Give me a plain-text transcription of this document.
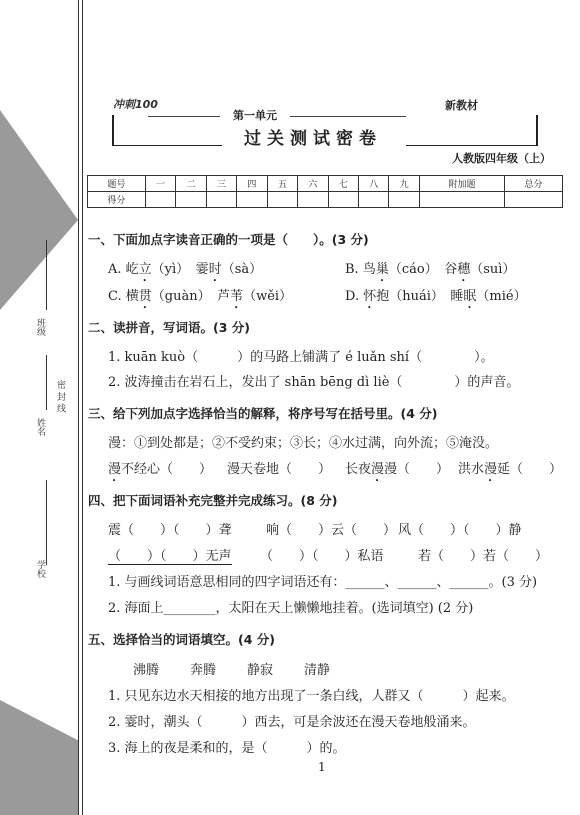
班级
密 封 线
姓名
学校
冲刺100
第一单元
新教材
过关测试密卷
人教版四年级（上）
题号	一	二	三	四	五	六	七	八	九	附加题	总分
得分											
一、下面加点字读音正确的一项是（　　）。(3 分)
A. 屹立（yì）　霎时（sà）	B. 鸟巢（cáo）　谷穗（suì）
C. 横贯（guàn）　芦苇（wěi）	D. 怀抱（huái）　睡眠（mié）
二、读拼音，写词语。(3 分)
1. kuān kuò（　　　）的马路上铺满了 é luǎn shí（　　　　）。
2. 波涛撞击在岩石上，发出了 shān bēng dì liè（　　　　）的声音。
三、给下列加点字选择恰当的解释，将序号写在括号里。(4 分)
漫：①到处都是；②不受约束；③长；④水过满，向外流；⑤淹没。
漫不经心（　　） 漫天卷地（　　） 长夜漫漫（　　） 洪水漫延（　　）
四、把下面词语补充完整并完成练习。(8 分)
震（　　）（　　）聋	响（　　）云（　　） 风（　　）（　　）静
（　　）（　　）无声 （　　）（　　）私语	若（　　）若（　　）
1. 与画线词语意思相同的四字词语还有：______、______、______。(3 分)
2. 海面上________，太阳在天上懒懒地挂着。(选词填空) (2 分)
五、选择恰当的词语填空。(4 分)
沸腾 奔腾 静寂 清静
1. 只见东边水天相接的地方出现了一条白线，人群又（　　　）起来。
2. 霎时，潮头（　　　）西去，可是余波还在漫天卷地般涌来。
3. 海上的夜是柔和的，是（　　　）的。
1
